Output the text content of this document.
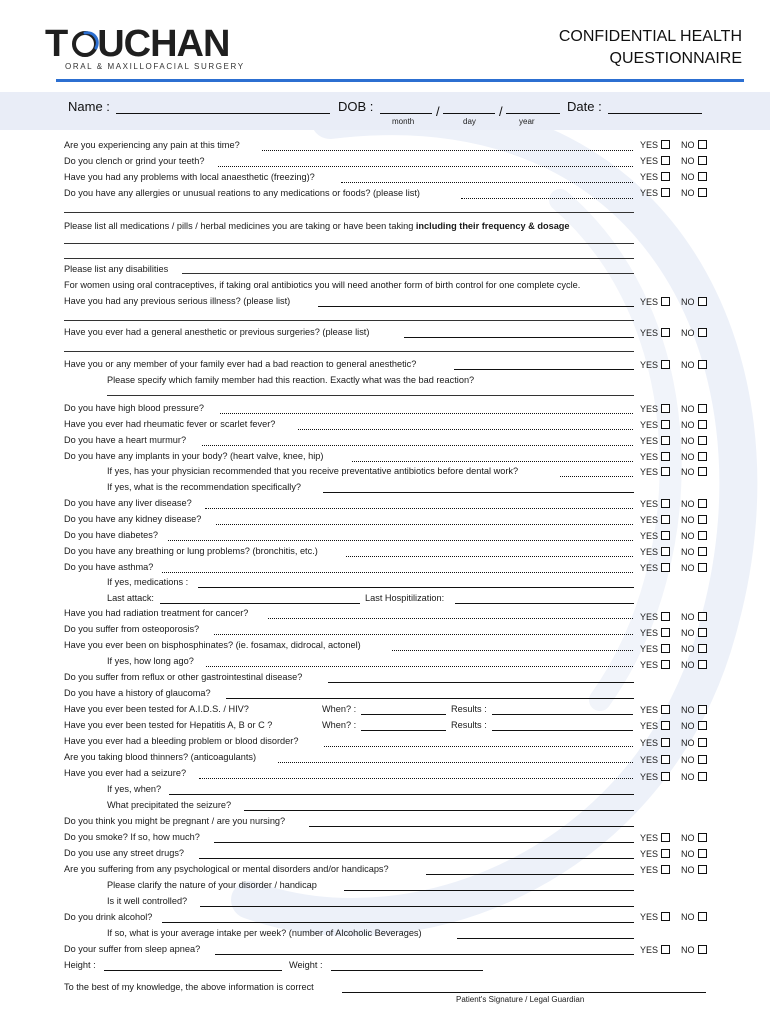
T UCHAN
ORAL & MAXILLOFACIAL SURGERY
CONFIDENTIAL HEALTH
QUESTIONNAIRE
Name :	DOB :	/	/
month	day	year
Date :
Are you experiencing any pain at this time?	YES	NO
Do you clench or grind your teeth?	YES	NO
Have you had any problems with local anaesthetic (freezing)?	YES	NO
Do you have any allergies or unusual reations to any medications or foods? (please list)	YES	NO
Please list all medications / pills / herbal medicines you are taking or have been taking including their frequency & dosage
Please list any disabilities
For women using oral contraceptives, if taking oral antibiotics you will need another form of birth control for one complete cycle.
Have you had any previous serious illness? (please list)	YES	NO
Have you ever had a general anesthetic or previous surgeries? (please list)	YES	NO
Have you or any member of your family ever had a bad reaction to general anesthetic?	YES	NO
Please specify which family member had this reaction. Exactly what was the bad reaction?
Do you have high blood pressure?	YES	NO
Have you ever had rheumatic fever or scarlet fever?	YES	NO
Do you have a heart murmur?	YES	NO
Do you have any implants in your body? (heart valve, knee, hip)	YES	NO
If yes, has your physician recommended that you receive preventative antibiotics before dental work?	YES	NO
If yes, what is the recommendation specifically?
Do you have any liver disease?	YES	NO
Do you have any kidney disease?	YES	NO
Do you have diabetes?	YES	NO
Do you have any breathing or lung problems? (bronchitis, etc.)	YES	NO
Do you have asthma?	YES	NO
If yes, medications :
Last attack:	Last Hospitilization:
Have you had radiation treatment for cancer?	YES	NO
Do you suffer from osteoporosis?	YES	NO
Have you ever been on bisphosphinates? (ie. fosamax, didrocal, actonel)	YES	NO
If yes, how long ago?	YES	NO
Do you suffer from reflux or other gastrointestinal disease?
Do you have a history of glaucoma?
Have you ever been tested for A.I.D.S. / HIV?	When? :	Results :	YES	NO
Have you ever been tested for Hepatitis A, B or C ?	When? :	Results :	YES	NO
Have you ever had a bleeding problem or blood disorder?	YES	NO
Are you taking blood thinners? (anticoagulants)	YES	NO
Have you ever had a seizure?	YES	NO
If yes, when?
What precipitated the seizure?
Do you think you might be pregnant / are you nursing?
Do you smoke? If so, how much?	YES	NO
Do you use any street drugs?	YES	NO
Are you suffering from any psychological or mental disorders and/or handicaps?	YES	NO
Please clarify the nature of your disorder / handicap
Is it well controlled?
Do you drink alcohol?	YES	NO
If so, what is your average intake per week? (number of Alcoholic Beverages)
Do your suffer from sleep apnea?	YES	NO
Height :	Weight :
To the best of my knowledge, the above information is correct
Patient's Signature / Legal Guardian
